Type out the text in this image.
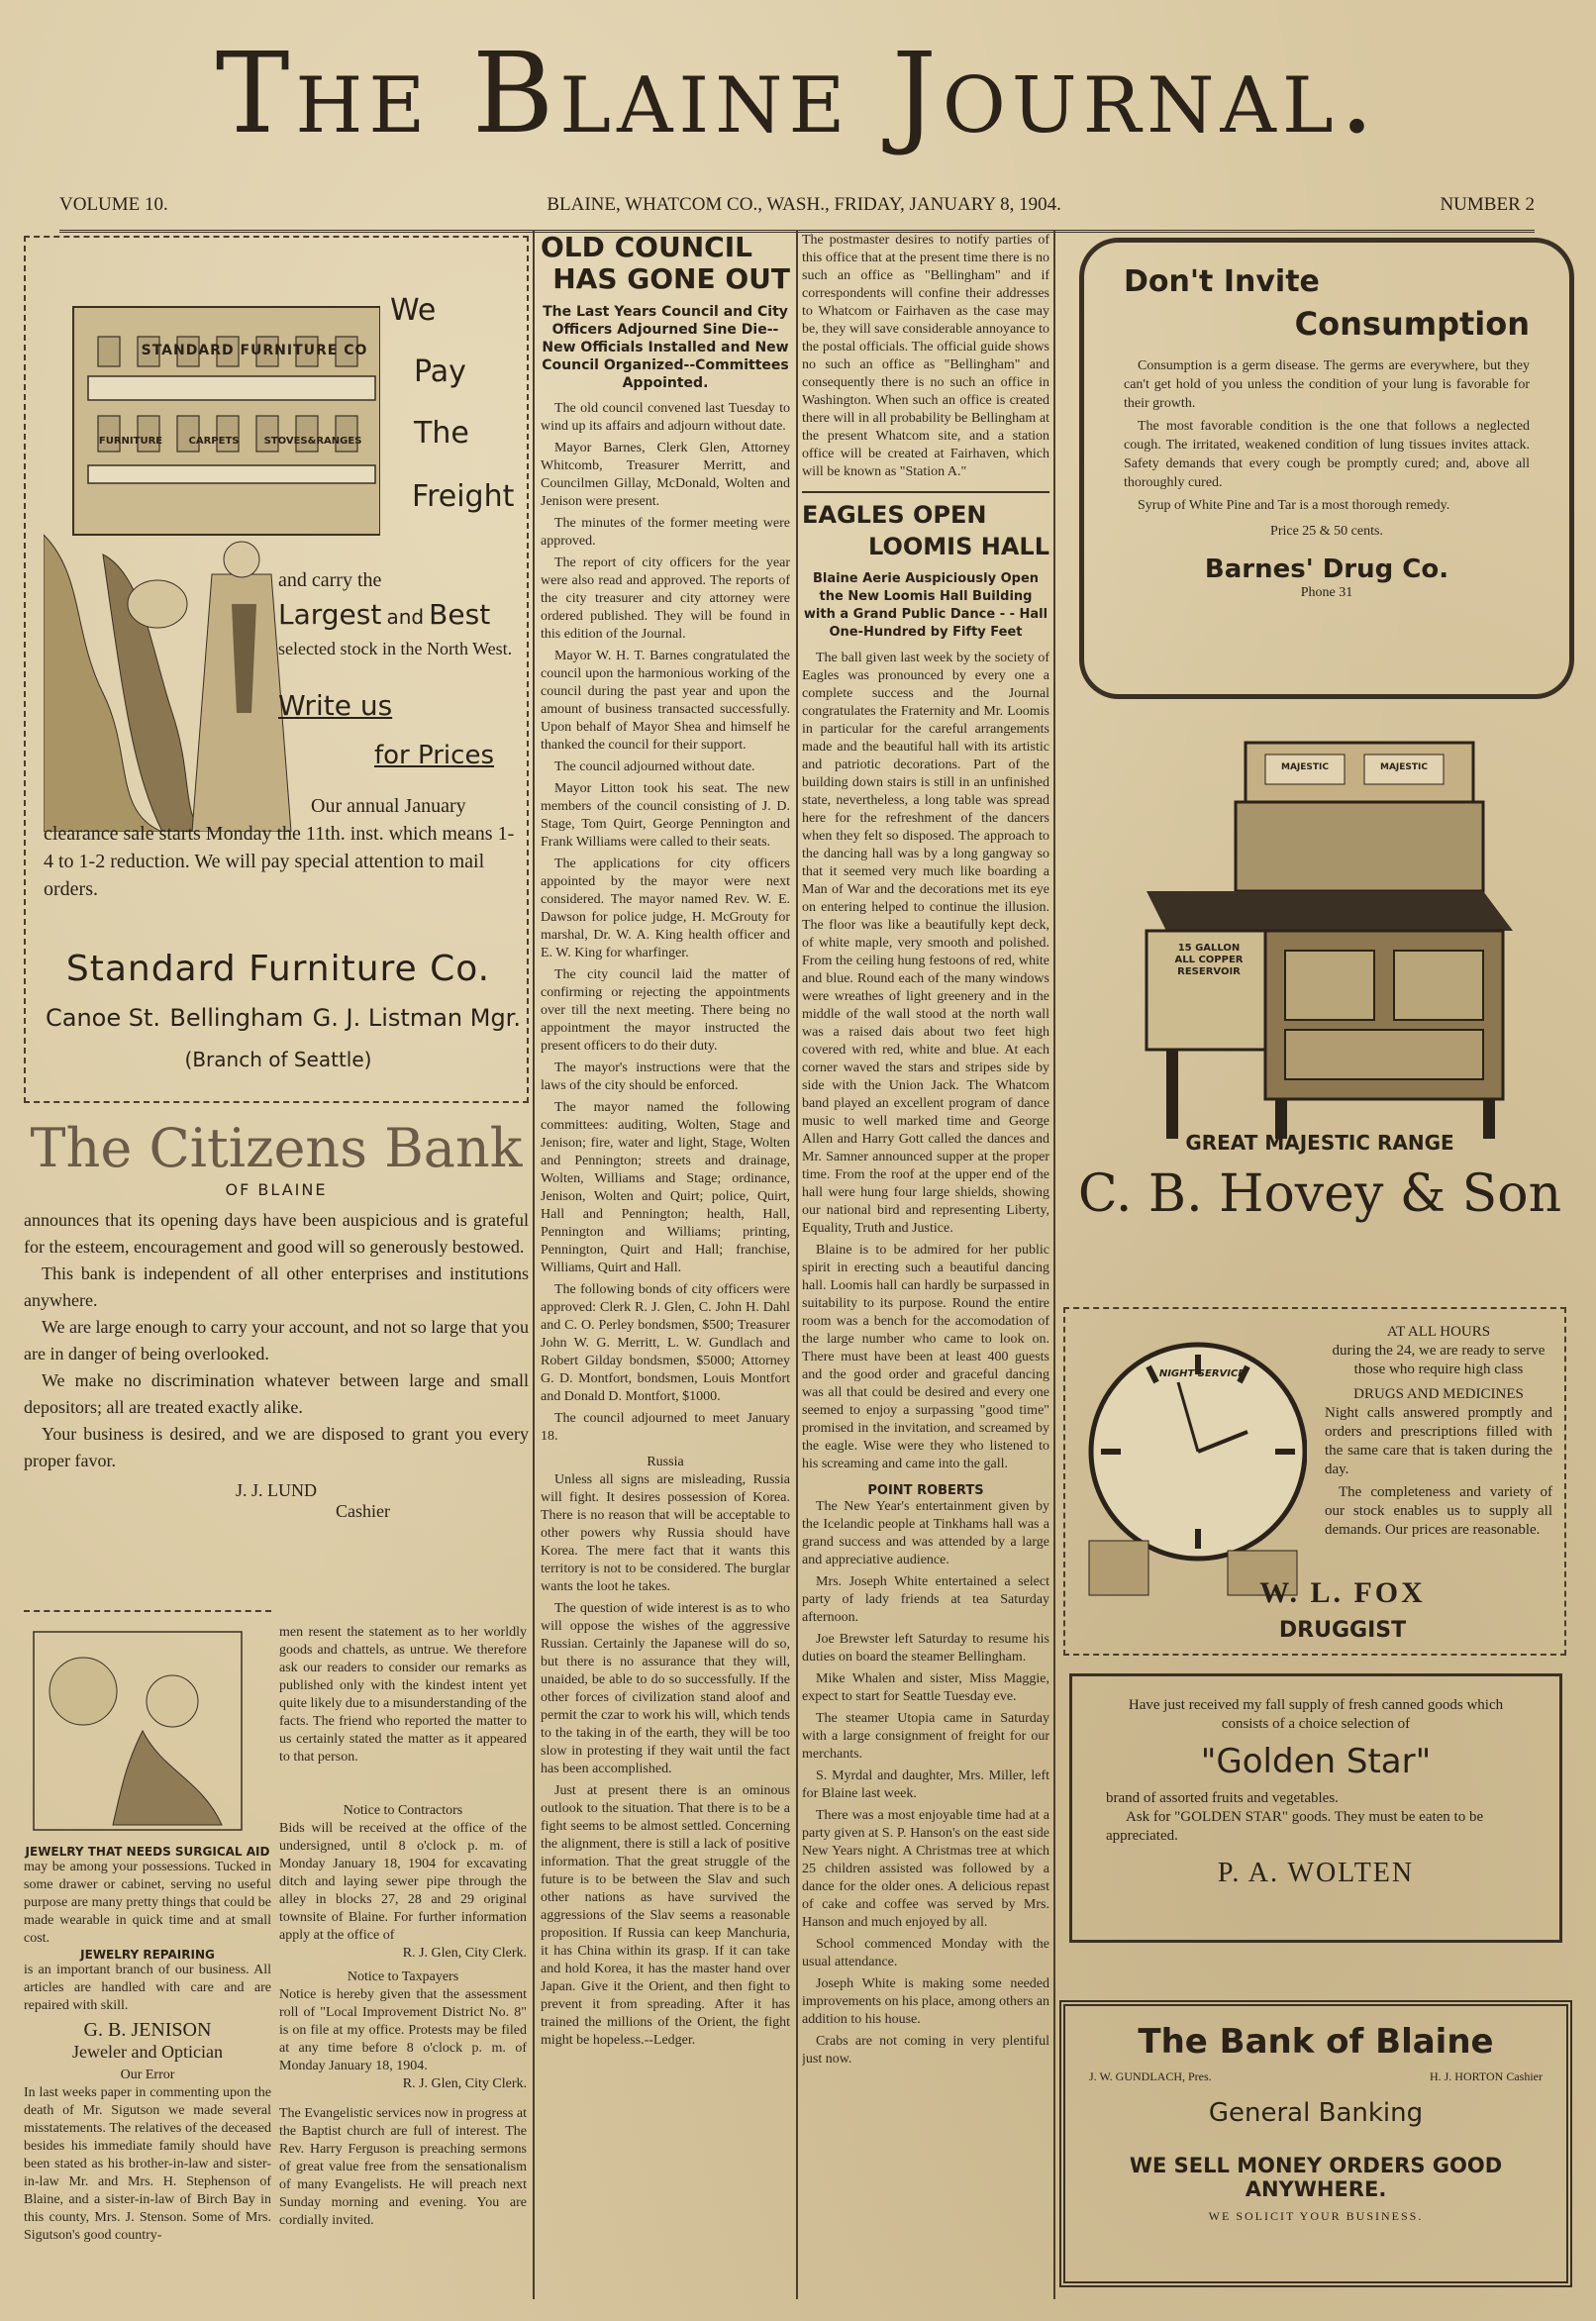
The Blaine Journal.
VOLUME 10.	BLAINE, WHATCOM CO., WASH., FRIDAY, JANUARY 8, 1904.	NUMBER 2
STANDARD FURNITURE CO
FURNITURE	CARPETS	STOVES&RANGES
We
Pay
The
Freight
and carry the
Largest and Best
selected stock in the North West.
Write us
for Prices
Our annual January clearance sale starts Monday the 11th. inst. which means 1-4 to 1-2 reduction. We will pay special attention to mail orders.
Standard Furniture Co.
Canoe St. Bellingham G. J. Listman Mgr.
(Branch of Seattle)
The Citizens Bank
OF BLAINE
announces that its opening days have been auspicious and is grateful for the esteem, encouragement and good will so generously bestowed.
This bank is independent of all other enterprises and institutions anywhere.
We are large enough to carry your account, and not so large that you are in danger of being overlooked.
We make no discrimination whatever between large and small depositors; all are treated exactly alike.
Your business is desired, and we are disposed to grant you every proper favor.
J. J. LUND
Cashier
JEWELRY THAT NEEDS SURGICAL AID
may be among your possessions. Tucked in some drawer or cabinet, serving no useful purpose are many pretty things that could be made wearable in quick time and at small cost.
JEWELRY REPAIRING
is an important branch of our business. All articles are handled with care and are repaired with skill.
G. B. JENISON
Jeweler and Optician
Our Error
In last weeks paper in commenting upon the death of Mr. Sigutson we made several misstatements. The relatives of the deceased besides his immediate family should have been stated as his brother-in-law and sister-in-law Mr. and Mrs. H. Stephenson of Blaine, and a sister-in-law of Birch Bay in this county, Mrs. J. Stenson. Some of Mrs. Sigutson's good country-
men resent the statement as to her worldly goods and chattels, as untrue. We therefore ask our readers to consider our remarks as published only with the kindest intent yet quite likely due to a misunderstanding of the facts. The friend who reported the matter to us certainly stated the matter as it appeared to that person.
Notice to Contractors
Bids will be received at the office of the undersigned, until 8 o'clock p. m. of Monday January 18, 1904 for excavating ditch and laying sewer pipe through the alley in blocks 27, 28 and 29 original townsite of Blaine. For further information apply at the office of
R. J. Glen, City Clerk.
Notice to Taxpayers
Notice is hereby given that the assessment roll of "Local Improvement District No. 8" is on file at my office. Protests may be filed at any time before 8 o'clock p. m. of Monday January 18, 1904.
R. J. Glen, City Clerk.
The Evangelistic services now in progress at the Baptist church are full of interest. The Rev. Harry Ferguson is preaching sermons of great value free from the sensationalism of many Evangelists. He will preach next Sunday morning and evening. You are cordially invited.
OLD COUNCIL
HAS GONE OUT
The Last Years Council and City Officers Adjourned Sine Die--New Officials Installed and New Council Organized--Committees Appointed.

The old council convened last Tuesday to wind up its affairs and adjourn without date.

Mayor Barnes, Clerk Glen, Attorney Whitcomb, Treasurer Merritt, and Councilmen Gillay, McDonald, Wolten and Jenison were present.

The minutes of the former meeting were approved.

The report of city officers for the year were also read and approved. The reports of the city treasurer and city attorney were ordered published. They will be found in this edition of the Journal.

Mayor W. H. T. Barnes congratulated the council upon the harmonious working of the council during the past year and upon the amount of business transacted successfully. Upon behalf of Mayor Shea and himself he thanked the council for their support.

The council adjourned without date.

Mayor Litton took his seat. The new members of the council consisting of J. D. Stage, Tom Quirt, George Pennington and Frank Williams were called to their seats.

The applications for city officers appointed by the mayor were next considered. The mayor named Rev. W. E. Dawson for police judge, H. McGrouty for marshal, Dr. W. A. King health officer and E. W. King for wharfinger.

The city council laid the matter of confirming or rejecting the appointments over till the next meeting. There being no appointment the mayor instructed the present officers to do their duty.

The mayor's instructions were that the laws of the city should be enforced.

The mayor named the following committees: auditing, Wolten, Stage and Jenison; fire, water and light, Stage, Wolten and Pennington; streets and drainage, Wolten, Williams and Stage; ordinance, Jenison, Wolten and Quirt; police, Quirt, Hall and Pennington; health, Hall, Pennington and Williams; printing, Pennington, Quirt and Hall; franchise, Williams, Quirt and Hall.

The following bonds of city officers were approved: Clerk R. J. Glen, C. John H. Dahl and C. O. Perley bondsmen, $500; Treasurer John W. G. Merritt, L. W. Gundlach and Robert Gilday bondsmen, $5000; Attorney G. D. Montfort, bondsmen, Louis Montfort and Donald D. Montfort, $1000.

The council adjourned to meet January 18.

Russia

Unless all signs are misleading, Russia will fight. It desires possession of Korea. There is no reason that will be acceptable to other powers why Russia should have Korea. The mere fact that it wants this territory is not to be considered. The burglar wants the loot he takes.

The question of wide interest is as to who will oppose the wishes of the aggressive Russian. Certainly the Japanese will do so, but there is no assurance that they will, unaided, be able to do so successfully. If the other forces of civilization stand aloof and permit the czar to work his will, which tends to the taking in of the earth, they will be too slow in protesting if they wait until the fact has been accomplished.

Just at present there is an ominous outlook to the situation. That there is to be a fight seems to be almost settled. Concerning the alignment, there is still a lack of positive information. That the great struggle of the future is to be between the Slav and such other nations as have survived the aggressions of the Slav seems a reasonable proposition. If Russia can keep Manchuria, it has China within its grasp. If it can take and hold Korea, it has the master hand over Japan. Give it the Orient, and then fight to prevent it from spreading. After it has trained the millions of the Orient, the fight might be hopeless.--Ledger.

The postmaster desires to notify parties of this office that at the present time there is no such an office as "Bellingham" and if correspondents will confine their addresses to Whatcom or Fairhaven as the case may be, they will save considerable annoyance to the postal officials. The official guide shows no such an office as "Bellingham" and consequently there is no such an office in Washington. When such an office is created there will in all probability be Bellingham at the present Whatcom site, and a station office will be created at Fairhaven, which will be known as "Station A."
EAGLES OPEN
LOOMIS HALL
Blaine Aerie Auspiciously Open the New Loomis Hall Building with a Grand Public Dance - - Hall One-Hundred by Fifty Feet

The ball given last week by the society of Eagles was pronounced by every one a complete success and the Journal congratulates the Fraternity and Mr. Loomis in particular for the careful arrangements made and the beautiful hall with its artistic and patriotic decorations. Part of the building down stairs is still in an unfinished state, nevertheless, a long table was spread here for the refreshment of the dancers when they felt so disposed. The approach to the dancing hall was by a long gangway so that it seemed very much like boarding a Man of War and the decorations met its eye on entering helped to continue the illusion. The floor was like a beautifully kept deck, of white maple, very smooth and polished. From the ceiling hung festoons of red, white and blue. Round each of the many windows were wreathes of light greenery and in the middle of the wall stood at the north wall was a raised dais about two feet high covered with red, white and blue. At each corner waved the stars and stripes side by side with the Union Jack. The Whatcom band played an excellent program of dance music to well marked time and George Allen and Harry Gott called the dances and Mr. Samner announced supper at the proper time. From the roof at the upper end of the hall were hung four large shields, showing our national bird and representing Liberty, Equality, Truth and Justice.

Blaine is to be admired for her public spirit in erecting such a beautiful dancing hall. Loomis hall can hardly be surpassed in suitability to its purpose. Round the entire room was a bench for the accomodation of the large number who came to look on. There must have been at least 400 guests and the good order and graceful dancing was all that could be desired and every one seemed to enjoy a surpassing "good time" promised in the invitation, and screamed by the eagle. Wise were they who listened to his screaming and came into the gall.

POINT ROBERTS

The New Year's entertainment given by the Icelandic people at Tinkhams hall was a grand success and was attended by a large and appreciative audience.

Mrs. Joseph White entertained a select party of lady friends at tea Saturday afternoon.

Joe Brewster left Saturday to resume his duties on board the steamer Bellingham.

Mike Whalen and sister, Miss Maggie, expect to start for Seattle Tuesday eve.

The steamer Utopia came in Saturday with a large consignment of freight for our merchants.

S. Myrdal and daughter, Mrs. Miller, left for Blaine last week.

There was a most enjoyable time had at a party given at S. P. Hanson's on the east side New Years night. A Christmas tree at which 25 children assisted was followed by a dance for the older ones. A delicious repast of cake and coffee was served by Mrs. Hanson and much enjoyed by all.

School commenced Monday with the usual attendance.

Joseph White is making some needed improvements on his place, among others an addition to his house.

Crabs are not coming in very plentiful just now.

Don't Invite
Consumption

Consumption is a germ disease. The germs are everywhere, but they can't get hold of you unless the condition of your lung is favorable for their growth.

The most favorable condition is the one that follows a neglected cough. The irritated, weakened condition of lung tissues invites attack. Safety demands that every cough be promptly cured; and, above all thoroughly cured.

Syrup of White Pine and Tar is a most thorough remedy.

Price 25 & 50 cents.
Barnes' Drug Co.
Phone 31
15 GALLON
ALL COPPER
RESERVOIR
MAJESTIC	MAJESTIC
GREAT MAJESTIC RANGE
C. B. Hovey & Son
NIGHT SERVICE
AT ALL HOURS
during the 24, we are ready to serve those who require high class
DRUGS AND MEDICINES
Night calls answered promptly and orders and prescriptions filled with the same care that is taken during the day.
The completeness and variety of our stock enables us to supply all demands. Our prices are reasonable.
W. L. FOX
DRUGGIST
Have just received my fall supply of fresh canned goods which consists of a choice selection of
"Golden Star"
brand of assorted fruits and vegetables.
Ask for "GOLDEN STAR" goods. They must be eaten to be appreciated.
P. A. WOLTEN
The Bank of Blaine
J. W. GUNDLACH, Pres.	H. J. HORTON Cashier
General Banking
WE SELL MONEY ORDERS GOOD ANYWHERE.
WE SOLICIT YOUR BUSINESS.
